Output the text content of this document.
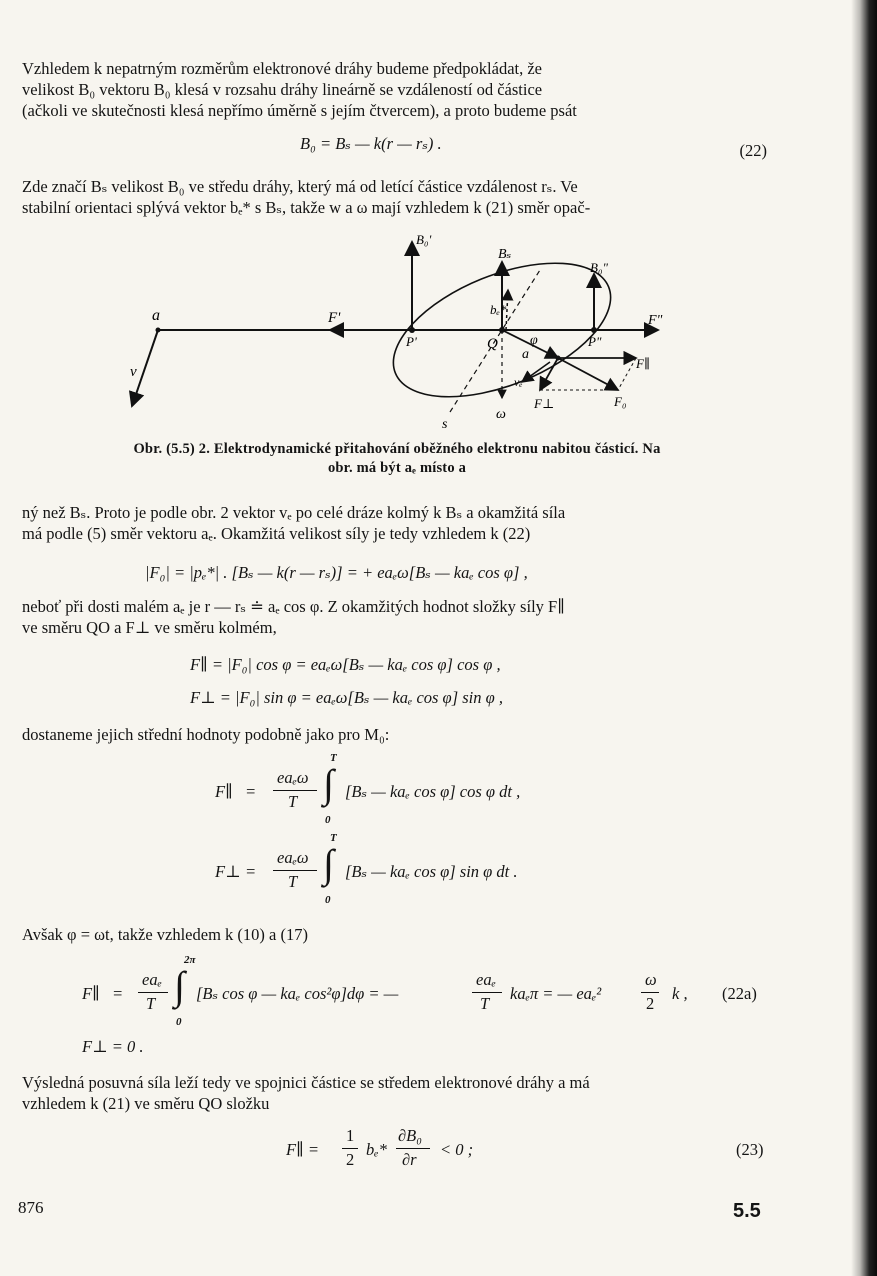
Vzhledem k nepatrným rozměrům elektronové dráhy budeme předpokládat, že
velikost B₀ vektoru B₀ klesá v rozsahu dráhy lineárně se vzdáleností od částice
(ačkoli ve skutečnosti klesá nepřímo úměrně s jejím čtvercem), a proto budeme psát
B₀ = Bₛ — k(r — rₛ) .	(22)
Zde značí Bₛ velikost B₀ ve středu dráhy, který má od letící částice vzdálenost rₛ. Ve
stabilní orientaci splývá vektor bₑ* s Bₛ, takže w a ω mají vzhledem k (21) směr opač-
a
v
F'
P'	Q
B₀'
Bₛ
bₑ*
B₀"
F"
P"
φ
a
F∥
F⊥	F₀
vₑ
ω
s
Obr. (5.5) 2. Elektrodynamické přitahování oběžného elektronu nabitou částicí. Na
obr. má být aₑ místo a
ný než Bₛ. Proto je podle obr. 2 vektor vₑ po celé dráze kolmý k Bₛ a okamžitá síla
má podle (5) směr vektoru aₑ. Okamžitá velikost síly je tedy vzhledem k (22)
|F₀| = |pₑ*| . [Bₛ — k(r — rₛ)] = + eaₑω[Bₛ — kaₑ cos φ] ,
neboť při dosti malém aₑ je r — rₛ ≐ aₑ cos φ. Z okamžitých hodnot složky síly F∥
ve směru QO a F⊥ ve směru kolmém,
F∥ = |F₀| cos φ = eaₑω[Bₛ — kaₑ cos φ] cos φ ,
F⊥ = |F₀| sin φ = eaₑω[Bₛ — kaₑ cos φ] sin φ ,
dostaneme jejich střední hodnoty podobně jako pro M₀:
F∥ =
eaₑω
T
T
∫
0
[Bₛ — kaₑ cos φ] cos φ dt ,
F⊥ =
eaₑω
T
T
∫
0
[Bₛ — kaₑ cos φ] sin φ dt .
Avšak φ = ωt, takže vzhledem k (10) a (17)
F∥ =
eaₑ
T
2π
∫
0
[Bₛ cos φ — kaₑ cos²φ]dφ = —
eaₑ
T
kaₑπ = — eaₑ²
ω
2
k , (22a)
F⊥ = 0 .
Výsledná posuvná síla leží tedy ve spojnici částice se středem elektronové dráhy a má
vzhledem k (21) ve směru QO složku
F∥ =
1
2
bₑ*
∂B₀
∂r
< 0 ;	(23)
876	5.5
